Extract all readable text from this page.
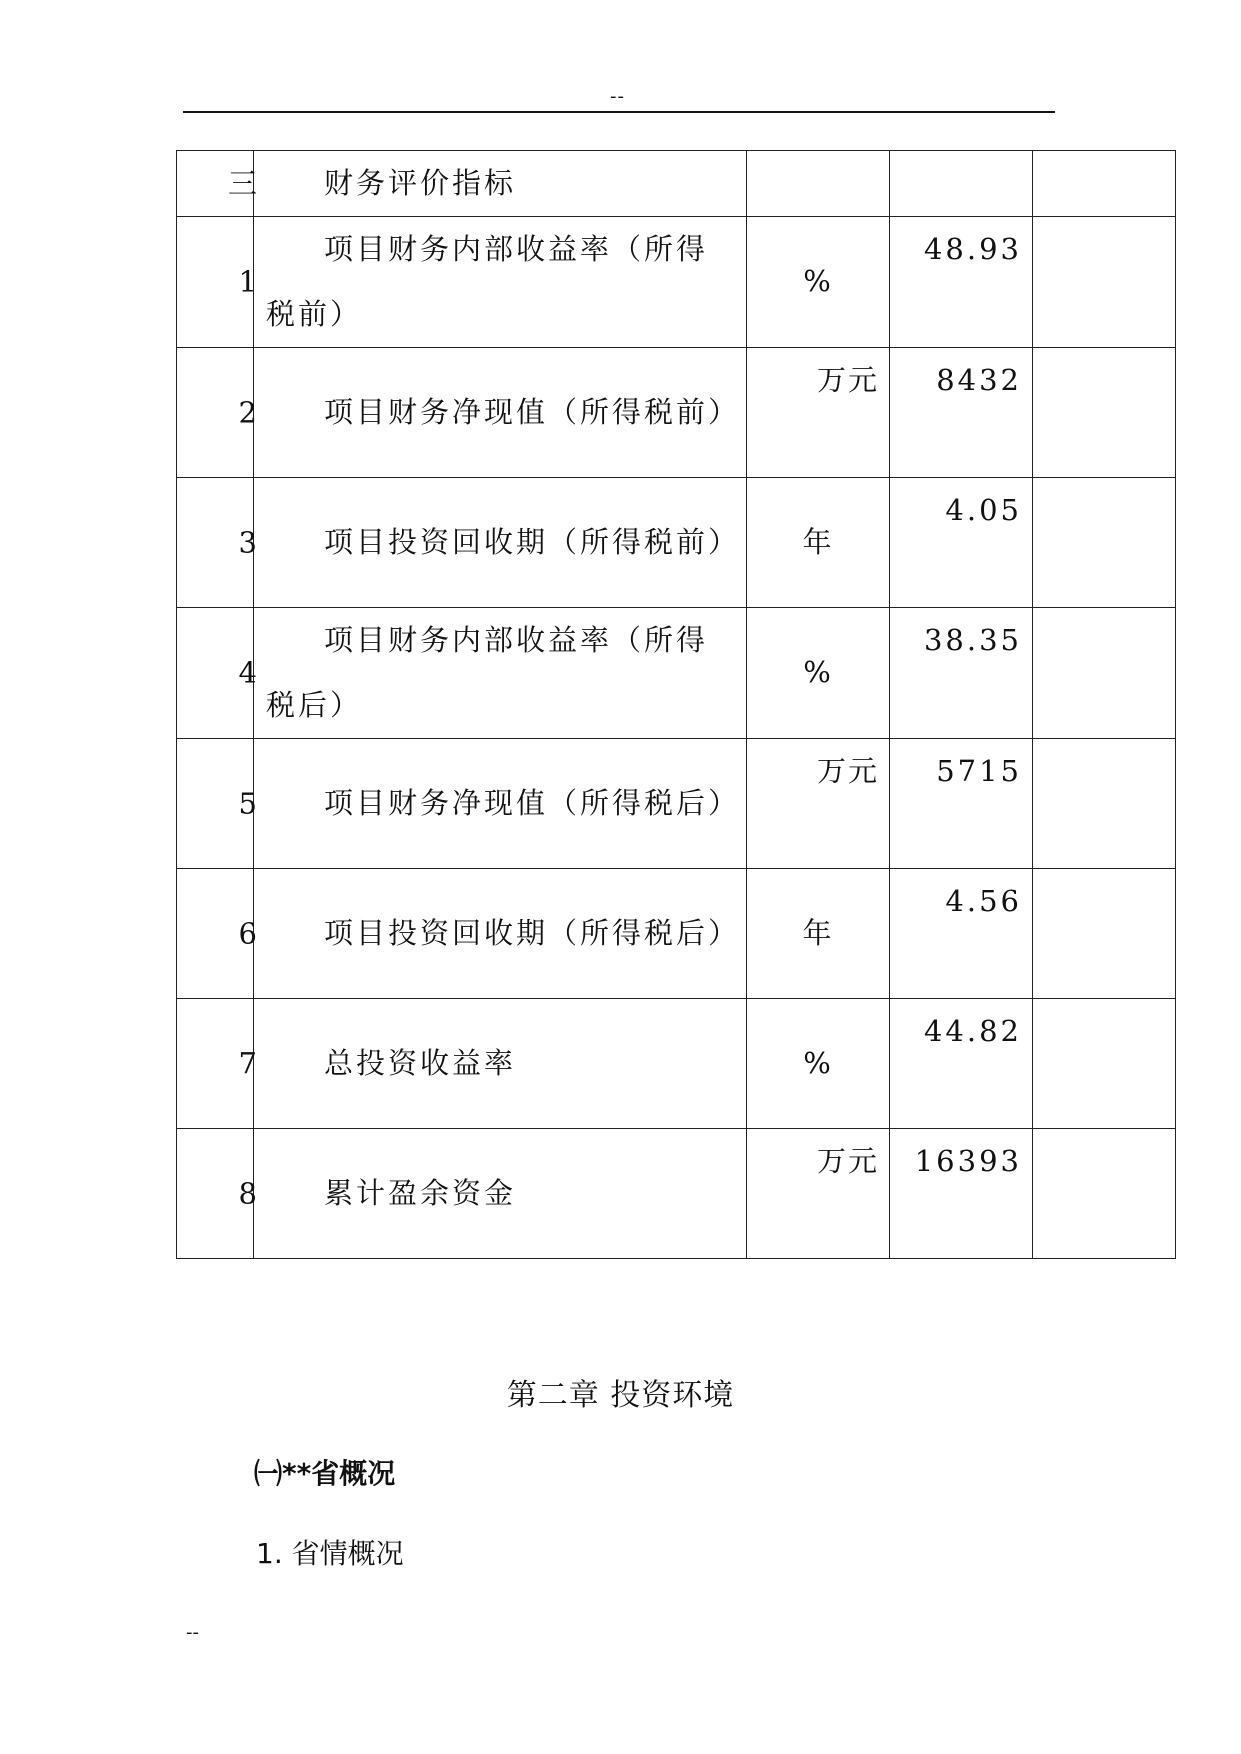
--
三	财务评价指标			

1	项目财务内部收益率（所得税前）	%	48.93	

2	项目财务净现值（所得税前）	万元	8432	

3	项目投资回收期（所得税前）	年	4.05	

4	项目财务内部收益率（所得税后）	%	38.35	

5	项目财务净现值（所得税后）	万元	5715	

6	项目投资回收期（所得税后）	年	4.56	

7	总投资收益率	%	44.82	

8	累计盈余资金	万元	16393	

第二章 投资环境
㈠**省概况
1. 省情概况
--
